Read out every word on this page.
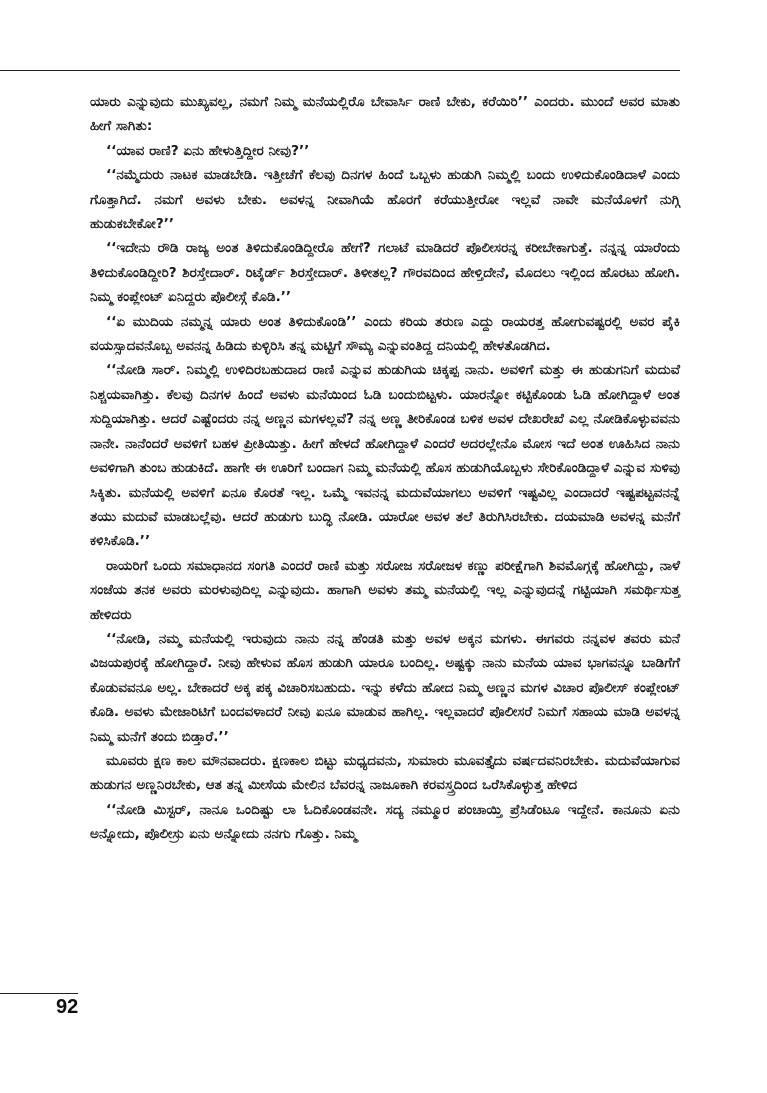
ಯಾರು ಎನ್ನುವುದು ಮುಖ್ಯವಲ್ಲ, ನಮಗೆ ನಿಮ್ಮ ಮನೆಯಲ್ಲಿರೊ ಬೇವಾರ್ಸಿ ರಾಣಿ ಬೇಕು, ಕರೆಯಿರಿ’’ ಎಂದರು. ಮುಂದೆ ಅವರ ಮಾತು ಹೀಗೆ ಸಾಗಿತು:

‘‘ಯಾವ ರಾಣಿ? ಏನು ಹೇಳುತ್ತಿದ್ದೀರ ನೀವು?’’

‘‘ನಮ್ಮೆದುರು ನಾಟಕ ಮಾಡಬೇಡಿ. ಇತ್ತೀಚೆಗೆ ಕೆಲವು ದಿನಗಳ ಹಿಂದೆ ಒಬ್ಬಳು ಹುಡುಗಿ ನಿಮ್ಮಲ್ಲಿ ಬಂದು ಉಳಿದುಕೊಂಡಿದಾಳೆ ಎಂದು ಗೊತ್ತಾಗಿದೆ. ನಮಗೆ ಅವಳು ಬೇಕು. ಅವಳನ್ನ ನೀವಾಗಿಯೆ ಹೊರಗೆ ಕರೆಯುತ್ತೀರೋ ಇಲ್ಲವೆ ನಾವೇ ಮನೆಯೊಳಗೆ ನುಗ್ಗಿ ಹುಡುಕಬೇಕೋ?’’

‘‘ಇದೇನು ರೌಡಿ ರಾಜ್ಯ ಅಂತ ತಿಳಿದುಕೊಂಡಿದ್ದೀರೊ ಹೇಗೆ? ಗಲಾಟೆ ಮಾಡಿದರೆ ಪೊಲೀಸರನ್ನ ಕರೀಬೇಕಾಗುತ್ತೆ. ನನ್ನನ್ನ ಯಾರೆಂದು ತಿಳಿದುಕೊಂಡಿದ್ದೀರಿ? ಶಿರಸ್ತೇದಾರ್. ರಿಟೈರ್ಡ್ ಶಿರಸ್ತೇದಾರ್. ತಿಳೀತಲ್ಲ? ಗೌರವದಿಂದ ಹೇಳ್ತಿದೇನೆ, ಮೊದಲು ಇಲ್ಲಿಂದ ಹೊರಟು ಹೋಗಿ. ನಿಮ್ಮ ಕಂಪ್ಲೇಂಟ್ ಏನಿದ್ದರು ಪೊಲೀಸ್ಗೆ ಕೊಡಿ.’’

‘‘ಏ ಮುದಿಯ ನಮ್ಮನ್ನ ಯಾರು ಅಂತ ತಿಳಿದುಕೊಂಡಿ’’ ಎಂದು ಕರಿಯ ತರುಣ ಎದ್ದು ರಾಯರತ್ತ ಹೋಗುವಷ್ಟರಲ್ಲಿ ಅವರ ಪೈಕಿ ವಯಸ್ಸಾದವನೊಬ್ಬ ಅವನನ್ನ ಹಿಡಿದು ಕುಳ್ಳಿರಿಸಿ ತನ್ನ ಮಟ್ಟಿಗೆ ಸೌಮ್ಯ ಎನ್ನುವಂತಿದ್ದ ದನಿಯಲ್ಲಿ ಹೇಳತೊಡಗಿದ.

‘‘ನೋಡಿ ಸಾರ್. ನಿಮ್ಮಲ್ಲಿ ಉಳಿದಿರಬಹುದಾದ ರಾಣಿ ಎನ್ನುವ ಹುಡುಗಿಯ ಚಿಕ್ಕಪ್ಪ ನಾನು. ಅವಳಿಗೆ ಮತ್ತು ಈ ಹುಡುಗನಿಗೆ ಮದುವೆ ನಿಶ್ಚಯವಾಗಿತ್ತು. ಕೆಲವು ದಿನಗಳ ಹಿಂದೆ ಅವಳು ಮನೆಯಿಂದ ಓಡಿ ಬಂದುಬಿಟ್ಟಳು. ಯಾರನ್ನೋ ಕಟ್ಟಿಕೊಂಡು ಓಡಿ ಹೋಗಿದ್ದಾಳೆ ಅಂತ ಸುದ್ದಿಯಾಗಿತ್ತು. ಆದರೆ ಎಷ್ಟೆಂದರು ನನ್ನ ಅಣ್ಣನ ಮಗಳಲ್ಲವೆ? ನನ್ನ ಅಣ್ಣ ತೀರಿಕೊಂಡ ಬಳಿಕ ಅವಳ ದೇಖರೇಖೆ ಎಲ್ಲ ನೋಡಿಕೊಳ್ಳುವವನು ನಾನೇ. ನಾನೆಂದರೆ ಅವಳಿಗೆ ಬಹಳ ಪ್ರೀತಿಯಿತ್ತು. ಹೀಗೆ ಹೇಳದೆ ಹೋಗಿದ್ದಾಳೆ ಎಂದರೆ ಅದರಲ್ಲೇನೊ ಮೋಸ ಇದೆ ಅಂತ ಊಹಿಸಿದ ನಾನು ಅವಳಿಗಾಗಿ ತುಂಬ ಹುಡುಕಿದೆ. ಹಾಗೇ ಈ ಊರಿಗೆ ಬಂದಾಗ ನಿಮ್ಮ ಮನೆಯಲ್ಲಿ ಹೊಸ ಹುಡುಗಿಯೊಬ್ಬಳು ಸೇರಿಕೊಂಡಿದ್ದಾಳೆ ಎನ್ನುವ ಸುಳಿವು ಸಿಕ್ಕಿತು. ಮನೆಯಲ್ಲಿ ಅವಳಿಗೆ ಏನೂ ಕೊರತೆ ಇಲ್ಲ. ಒಮ್ಮೆ ಇವನನ್ನ ಮದುವೆಯಾಗಲು ಅವಳಿಗೆ ಇಷ್ಟವಿಲ್ಲ ಎಂದಾದರೆ ಇಷ್ಟಪಟ್ಟವನನ್ನೆ ತಯು ಮದುವೆ ಮಾಡಬಲ್ಲೆವು. ಆದರೆ ಹುಡುಗು ಬುದ್ಧಿ ನೋಡಿ. ಯಾರೋ ಅವಳ ತಲೆ ತಿರುಗಿಸಿರಬೇಕು. ದಯಮಾಡಿ ಅವಳನ್ನ ಮನೆಗೆ ಕಳಿಸಿಕೊಡಿ.’’

ರಾಯರಿಗೆ ಒಂದು ಸಮಾಧಾನದ ಸಂಗತಿ ಎಂದರೆ ರಾಣಿ ಮತ್ತು ಸರೋಜ ಸರೋಜಳ ಕಣ್ಣು ಪರೀಕ್ಷೆಗಾಗಿ ಶಿವಮೊಗ್ಗಕ್ಕೆ ಹೋಗಿದ್ದು, ನಾಳೆ ಸಂಜೆಯ ತನಕ ಅವರು ಮರಳುವುದಿಲ್ಲ ಎನ್ನುವುದು. ಹಾಗಾಗಿ ಅವಳು ತಮ್ಮ ಮನೆಯಲ್ಲಿ ಇಲ್ಲ ಎನ್ನುವುದನ್ನೆ ಗಟ್ಟಿಯಾಗಿ ಸಮರ್ಥಿಸುತ್ತ ಹೇಳಿದರು

‘‘ನೋಡಿ, ನಮ್ಮ ಮನೆಯಲ್ಲಿ ಇರುವುದು ನಾನು ನನ್ನ ಹೆಂಡತಿ ಮತ್ತು ಅವಳ ಅಕ್ಕನ ಮಗಳು. ಈಗವರು ನನ್ನವಳ ತವರು ಮನೆ ವಿಜಯಪುರಕ್ಕೆ ಹೋಗಿದ್ದಾರೆ. ನೀವು ಹೇಳುವ ಹೊಸ ಹುಡುಗಿ ಯಾರೂ ಬಂದಿಲ್ಲ. ಅಷ್ಟಕ್ಕು ನಾನು ಮನೆಯ ಯಾವ ಭಾಗವನ್ನೂ ಬಾಡಿಗೆಗೆ ಕೊಡುವವನೂ ಅಲ್ಲ. ಬೇಕಾದರೆ ಅಕ್ಕ ಪಕ್ಕ ವಿಚಾರಿಸಬಹುದು. ಇನ್ನು ಕಳೆದು ಹೋದ ನಿಮ್ಮ ಅಣ್ಣನ ಮಗಳ ವಿಚಾರ ಪೊಲೀಸ್ ಕಂಪ್ಲೇಂಟ್ ಕೊಡಿ. ಅವಳು ಮೇಜಾರಿಟಿಗೆ ಬಂದವಳಾದರೆ ನೀವು ಏನೂ ಮಾಡುವ ಹಾಗಿಲ್ಲ. ಇಲ್ಲವಾದರೆ ಪೊಲೀಸರೆ ನಿಮಗೆ ಸಹಾಯ ಮಾಡಿ ಅವಳನ್ನ ನಿಮ್ಮ ಮನೆಗೆ ತಂದು ಬಿಡ್ತಾರೆ.’’

ಮೂವರು ಕ್ಷಣ ಕಾಲ ಮೌನವಾದರು. ಕ್ಷಣಕಾಲ ಬಿಟ್ಟು ಮಧ್ಯದವನು, ಸುಮಾರು ಮೂವತ್ತೈದು ವರ್ಷದವನಿರಬೇಕು. ಮದುವೆಯಾಗುವ ಹುಡುಗನ ಅಣ್ಣನಿರಬೇಕು, ಆತ ತನ್ನ ಮೀಸೆಯ ಮೇಲಿನ ಬೆವರನ್ನ ನಾಜೂಕಾಗಿ ಕರವಸ್ತ್ರದಿಂದ ಒರೆಸಿಕೊಳ್ಳುತ್ತ ಹೇಳಿದ

‘‘ನೋಡಿ ಮಿಸ್ಟರ್, ನಾನೂ ಒಂದಿಷ್ಟು ಲಾ ಓದಿಕೊಂಡವನೇ. ಸದ್ಯ ನಮ್ಮೂರ ಪಂಚಾಯ್ತಿ ಪ್ರೆಸಿಡೆಂಟೂ ಇದ್ದೇನೆ. ಕಾನೂನು ಏನು ಅನ್ನೋದು, ಪೊಲೀಸ್ರು ಏನು ಅನ್ನೋದು ನನಗು ಗೊತ್ತು. ನಿಮ್ಮ

92
